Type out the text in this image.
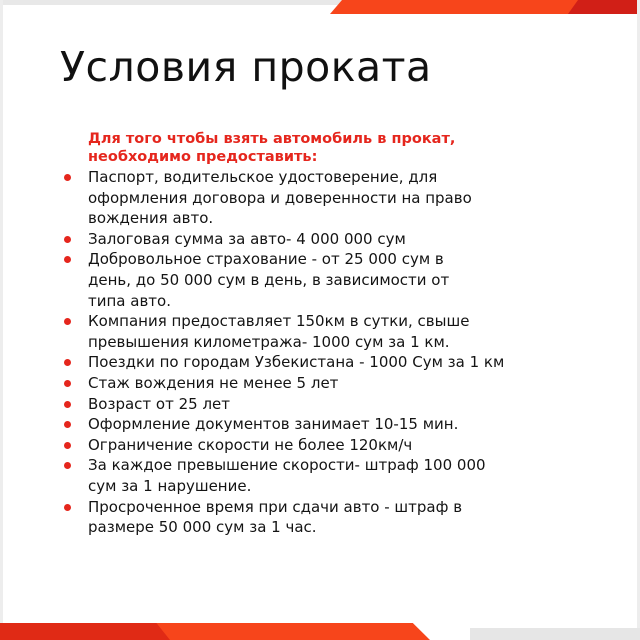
Условия проката

Для того чтобы взять автомобиль в прокат,
необходимо предоставить:

Паспорт, водительское удостоверение, для
оформления договора и доверенности на право
вождения авто.
Залоговая сумма за авто- 4 000 000 сум
Добровольное страхование - от 25 000 сум в
день, до 50 000 сум в день, в зависимости от
типа авто.
Компания предоставляет 150км в сутки, свыше
превышения километража- 1000 сум за 1 км.
Поездки по городам Узбекистана - 1000 Сум за 1 км
Стаж вождения не менее 5 лет
Возраст от 25 лет
Оформление документов занимает 10-15 мин.
Ограничение скорости не более 120км/ч
За каждое превышение скорости- штраф 100 000
сум за 1 нарушение.
Просроченное время при сдачи авто - штраф в
размере 50 000 сум за 1 час.
